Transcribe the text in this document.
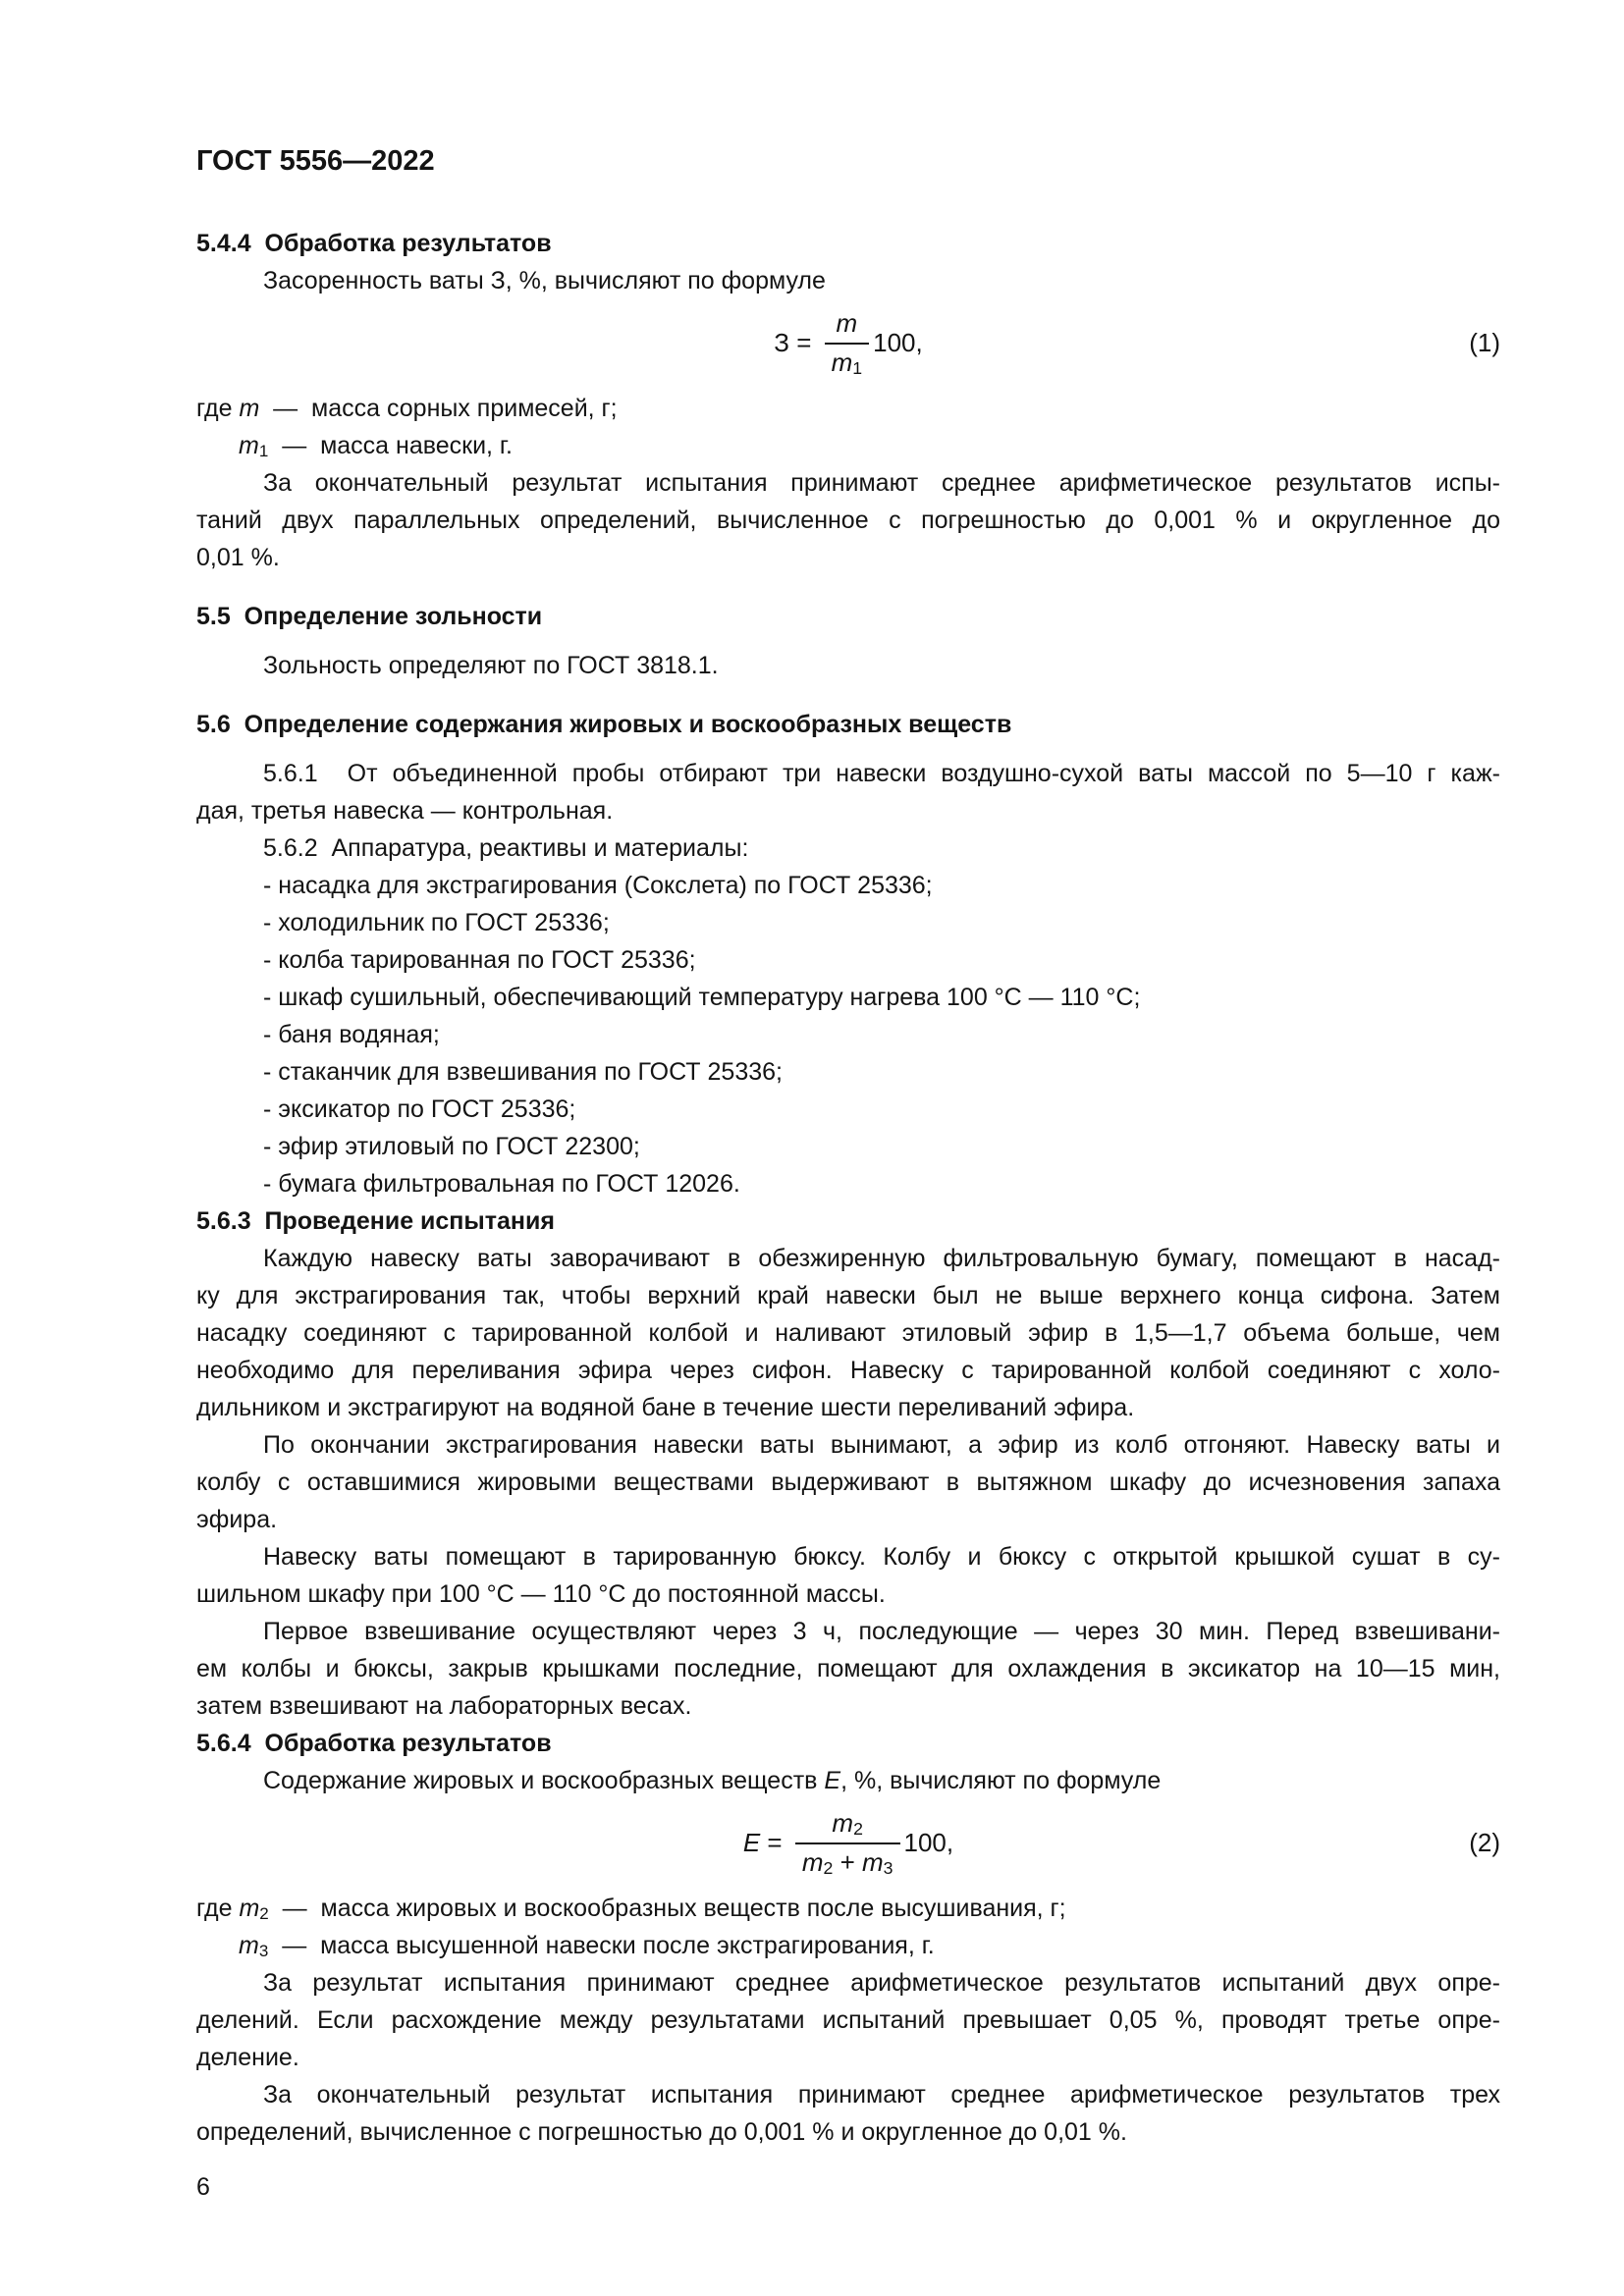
ГОСТ 5556—2022
5.4.4  Обработка результатов
Засоренность ваты З, %, вычисляют по формуле
$З = \frac{m}{m_1} 100$,	(1)
где m  —  масса сорных примесей, г;
$m_1$  —  масса навески, г.
За окончательный результат испытания принимают среднее арифметическое результатов испы-
таний двух параллельных определений, вычисленное с погрешностью до 0,001 % и округленное до
0,01 %.
5.5  Определение зольности
Зольность определяют по ГОСТ 3818.1.
5.6  Определение содержания жировых и воскообразных веществ
5.6.1  От объединенной пробы отбирают три навески воздушно-сухой ваты массой по 5—10 г каж-
дая, третья навеска — контрольная.
5.6.2  Аппаратура, реактивы и материалы:
- насадка для экстрагирования (Сокслета) по ГОСТ 25336;
- холодильник по ГОСТ 25336;
- колба тарированная по ГОСТ 25336;
- шкаф сушильный, обеспечивающий температуру нагрева 100 °С — 110 °С;
- баня водяная;
- стаканчик для взвешивания по ГОСТ 25336;
- эксикатор по ГОСТ 25336;
- эфир этиловый по ГОСТ 22300;
- бумага фильтровальная по ГОСТ 12026.
5.6.3  Проведение испытания
Каждую навеску ваты заворачивают в обезжиренную фильтровальную бумагу, помещают в насад-
ку для экстрагирования так, чтобы верхний край навески был не выше верхнего конца сифона. Затем
насадку соединяют с тарированной колбой и наливают этиловый эфир в 1,5—1,7 объема больше, чем
необходимо для переливания эфира через сифон. Навеску с тарированной колбой соединяют с холо-
дильником и экстрагируют на водяной бане в течение шести переливаний эфира.
По окончании экстрагирования навески ваты вынимают, а эфир из колб отгоняют. Навеску ваты и
колбу с оставшимися жировыми веществами выдерживают в вытяжном шкафу до исчезновения запаха
эфира.
Навеску ваты помещают в тарированную бюксу. Колбу и бюксу с открытой крышкой сушат в су-
шильном шкафу при 100 °С — 110 °С до постоянной массы.
Первое взвешивание осуществляют через 3 ч, последующие — через 30 мин. Перед взвешивани-
ем колбы и бюксы, закрыв крышками последние, помещают для охлаждения в эксикатор на 10—15 мин,
затем взвешивают на лабораторных весах.
5.6.4  Обработка результатов
Содержание жировых и воскообразных веществ E, %, вычисляют по формуле
$E = \frac{m_2}{m_2 + m_3} 100$,	(2)
где $m_2$  —  масса жировых и воскообразных веществ после высушивания, г;
$m_3$  —  масса высушенной навески после экстрагирования, г.
За результат испытания принимают среднее арифметическое результатов испытаний двух опре-
делений. Если расхождение между результатами испытаний превышает 0,05 %, проводят третье опре-
деление.
За окончательный результат испытания принимают среднее арифметическое результатов трех
определений, вычисленное с погрешностью до 0,001 % и округленное до 0,01 %.
6
